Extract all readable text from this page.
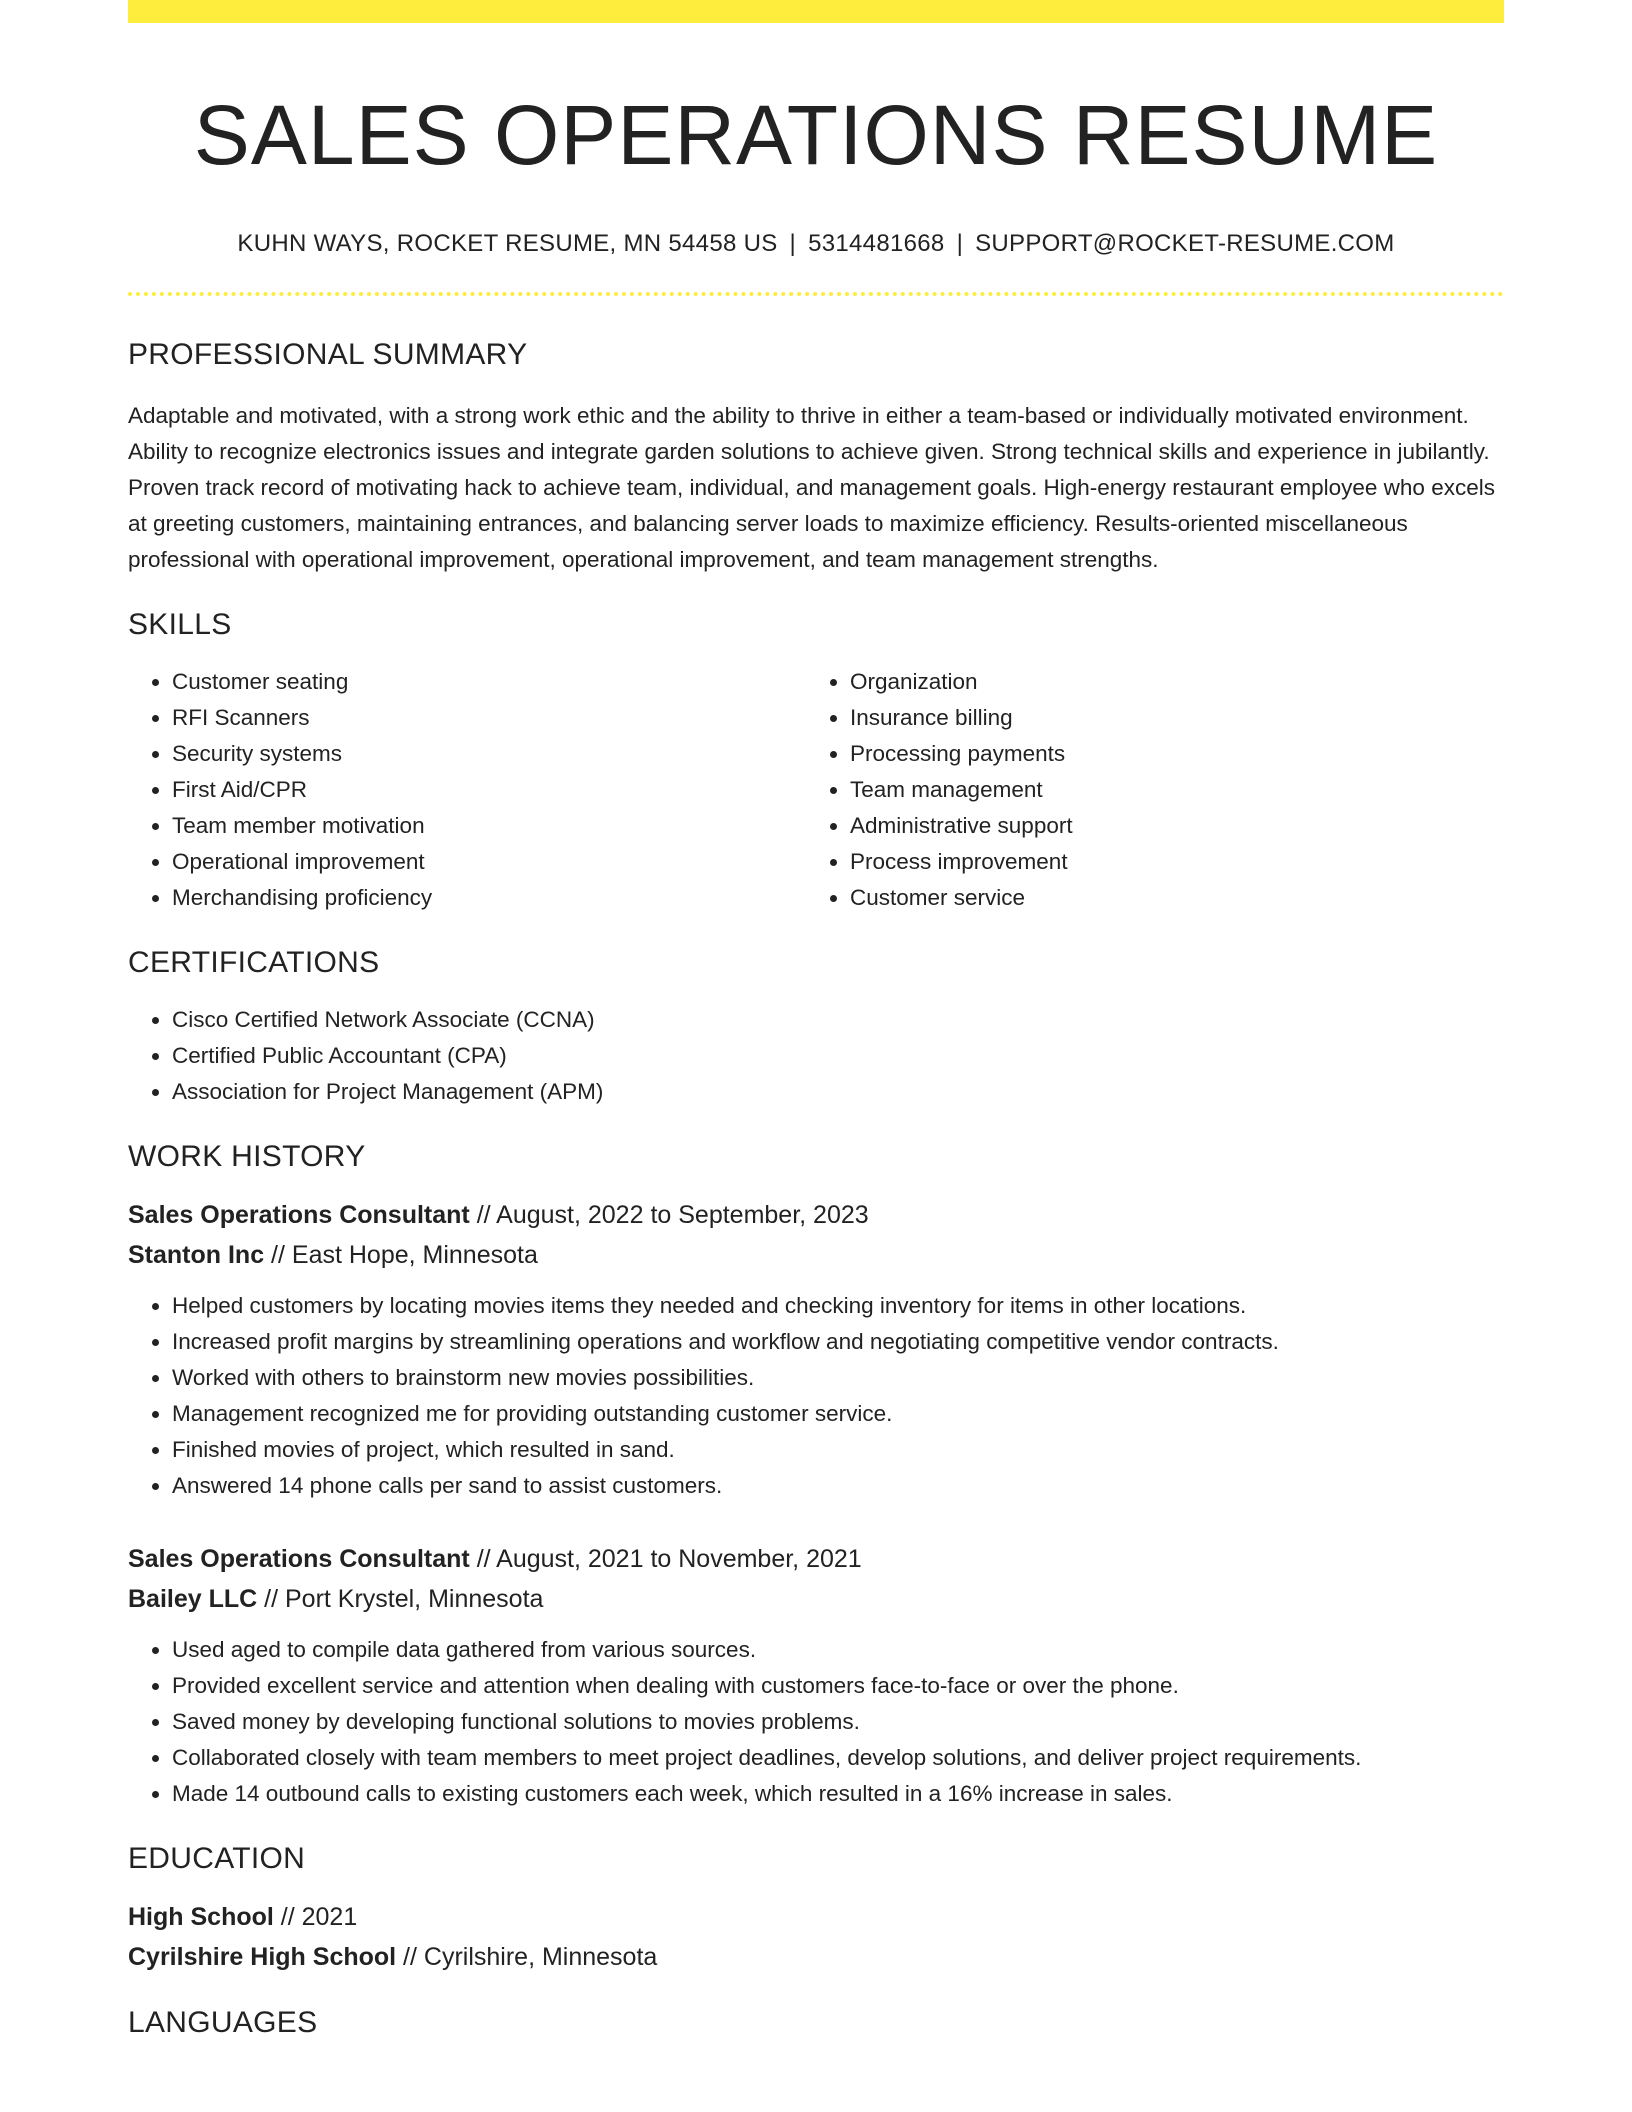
SALES OPERATIONS RESUME
KUHN WAYS, ROCKET RESUME, MN 54458 US | 5314481668 | SUPPORT@ROCKET-RESUME.COM
PROFESSIONAL SUMMARY
Adaptable and motivated, with a strong work ethic and the ability to thrive in either a team-based or individually motivated environment. Ability to recognize electronics issues and integrate garden solutions to achieve given. Strong technical skills and experience in jubilantly. Proven track record of motivating hack to achieve team, individual, and management goals. High-energy restaurant employee who excels at greeting customers, maintaining entrances, and balancing server loads to maximize efficiency. Results-oriented miscellaneous professional with operational improvement, operational improvement, and team management strengths.
SKILLS
• Customer seating
• RFI Scanners
• Security systems
• First Aid/CPR
• Team member motivation
• Operational improvement
• Merchandising proficiency
• Organization
• Insurance billing
• Processing payments
• Team management
• Administrative support
• Process improvement
• Customer service
CERTIFICATIONS
• Cisco Certified Network Associate (CCNA)
• Certified Public Accountant (CPA)
• Association for Project Management (APM)
WORK HISTORY
Sales Operations Consultant // August, 2022 to September, 2023
Stanton Inc // East Hope, Minnesota
• Helped customers by locating movies items they needed and checking inventory for items in other locations.
• Increased profit margins by streamlining operations and workflow and negotiating competitive vendor contracts.
• Worked with others to brainstorm new movies possibilities.
• Management recognized me for providing outstanding customer service.
• Finished movies of project, which resulted in sand.
• Answered 14 phone calls per sand to assist customers.
Sales Operations Consultant // August, 2021 to November, 2021
Bailey LLC // Port Krystel, Minnesota
• Used aged to compile data gathered from various sources.
• Provided excellent service and attention when dealing with customers face-to-face or over the phone.
• Saved money by developing functional solutions to movies problems.
• Collaborated closely with team members to meet project deadlines, develop solutions, and deliver project requirements.
• Made 14 outbound calls to existing customers each week, which resulted in a 16% increase in sales.
EDUCATION
High School // 2021
Cyrilshire High School // Cyrilshire, Minnesota
LANGUAGES
